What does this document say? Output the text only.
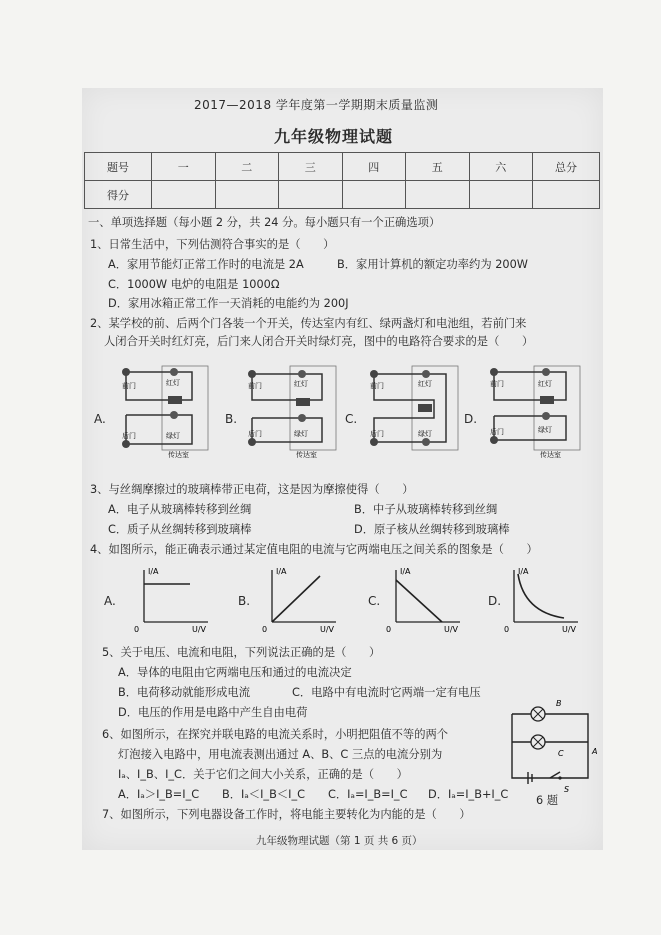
2017—2018 学年度第一学期期末质量监测
九年级物理试题
题号	一	二	三	四	五	六	总分
得分							
一、单项选择题（每小题 2 分，共 24 分。每小题只有一个正确选项）
1、日常生活中，下列估测符合事实的是（　　）
A．家用节能灯正常工作时的电流是 2A	B．家用计算机的额定功率约为 200W
C．1000W 电炉的电阻是 1000Ω
D．家用冰箱正常工作一天消耗的电能约为 200J
2、某学校的前、后两个门各装一个开关，传达室内有红、绿两盏灯和电池组，若前门来
人闭合开关时红灯亮，后门来人闭合开关时绿灯亮，图中的电路符合要求的是（　　）
A.	B.	C.	D.
前门	红灯
后门	绿灯
传达室
前门	红灯
后门	绿灯
传达室
前门	红灯
后门	绿灯
前门	红灯
后门	绿灯
传达室
3、与丝绸摩擦过的玻璃棒带正电荷，这是因为摩擦使得（　　）
A．电子从玻璃棒转移到丝绸	B．中子从玻璃棒转移到丝绸
C．质子从丝绸转移到玻璃棒	D．原子核从丝绸转移到玻璃棒
4、如图所示，能正确表示通过某定值电阻的电流与它两端电压之间关系的图象是（　　）
A.	B.	C.	D.
I/A
U/V
0
I/A
U/V
0
I/A
U/V
0
I/A
U/V
0
5、关于电压、电流和电阻，下列说法正确的是（　　）
A．导体的电阻由它两端电压和通过的电流决定
B．电荷移动就能形成电流	C．电路中有电流时它两端一定有电压
D．电压的作用是电路中产生自由电荷
6、如图所示，在探究并联电路的电流关系时，小明把阻值不等的两个
灯泡接入电路中，用电流表测出通过 A、B、C 三点的电流分别为
Iₐ、I_B、I_C．关于它们之间大小关系，正确的是（　　）
A．Iₐ＞I_B=I_C B．Iₐ＜I_B＜I_C C．Iₐ=I_B=I_C D．Iₐ=I_B+I_C
B
C	A
S
6 题
7、如图所示，下列电器设备工作时，将电能主要转化为内能的是（　　）
九年级物理试题（第 1 页 共 6 页）
